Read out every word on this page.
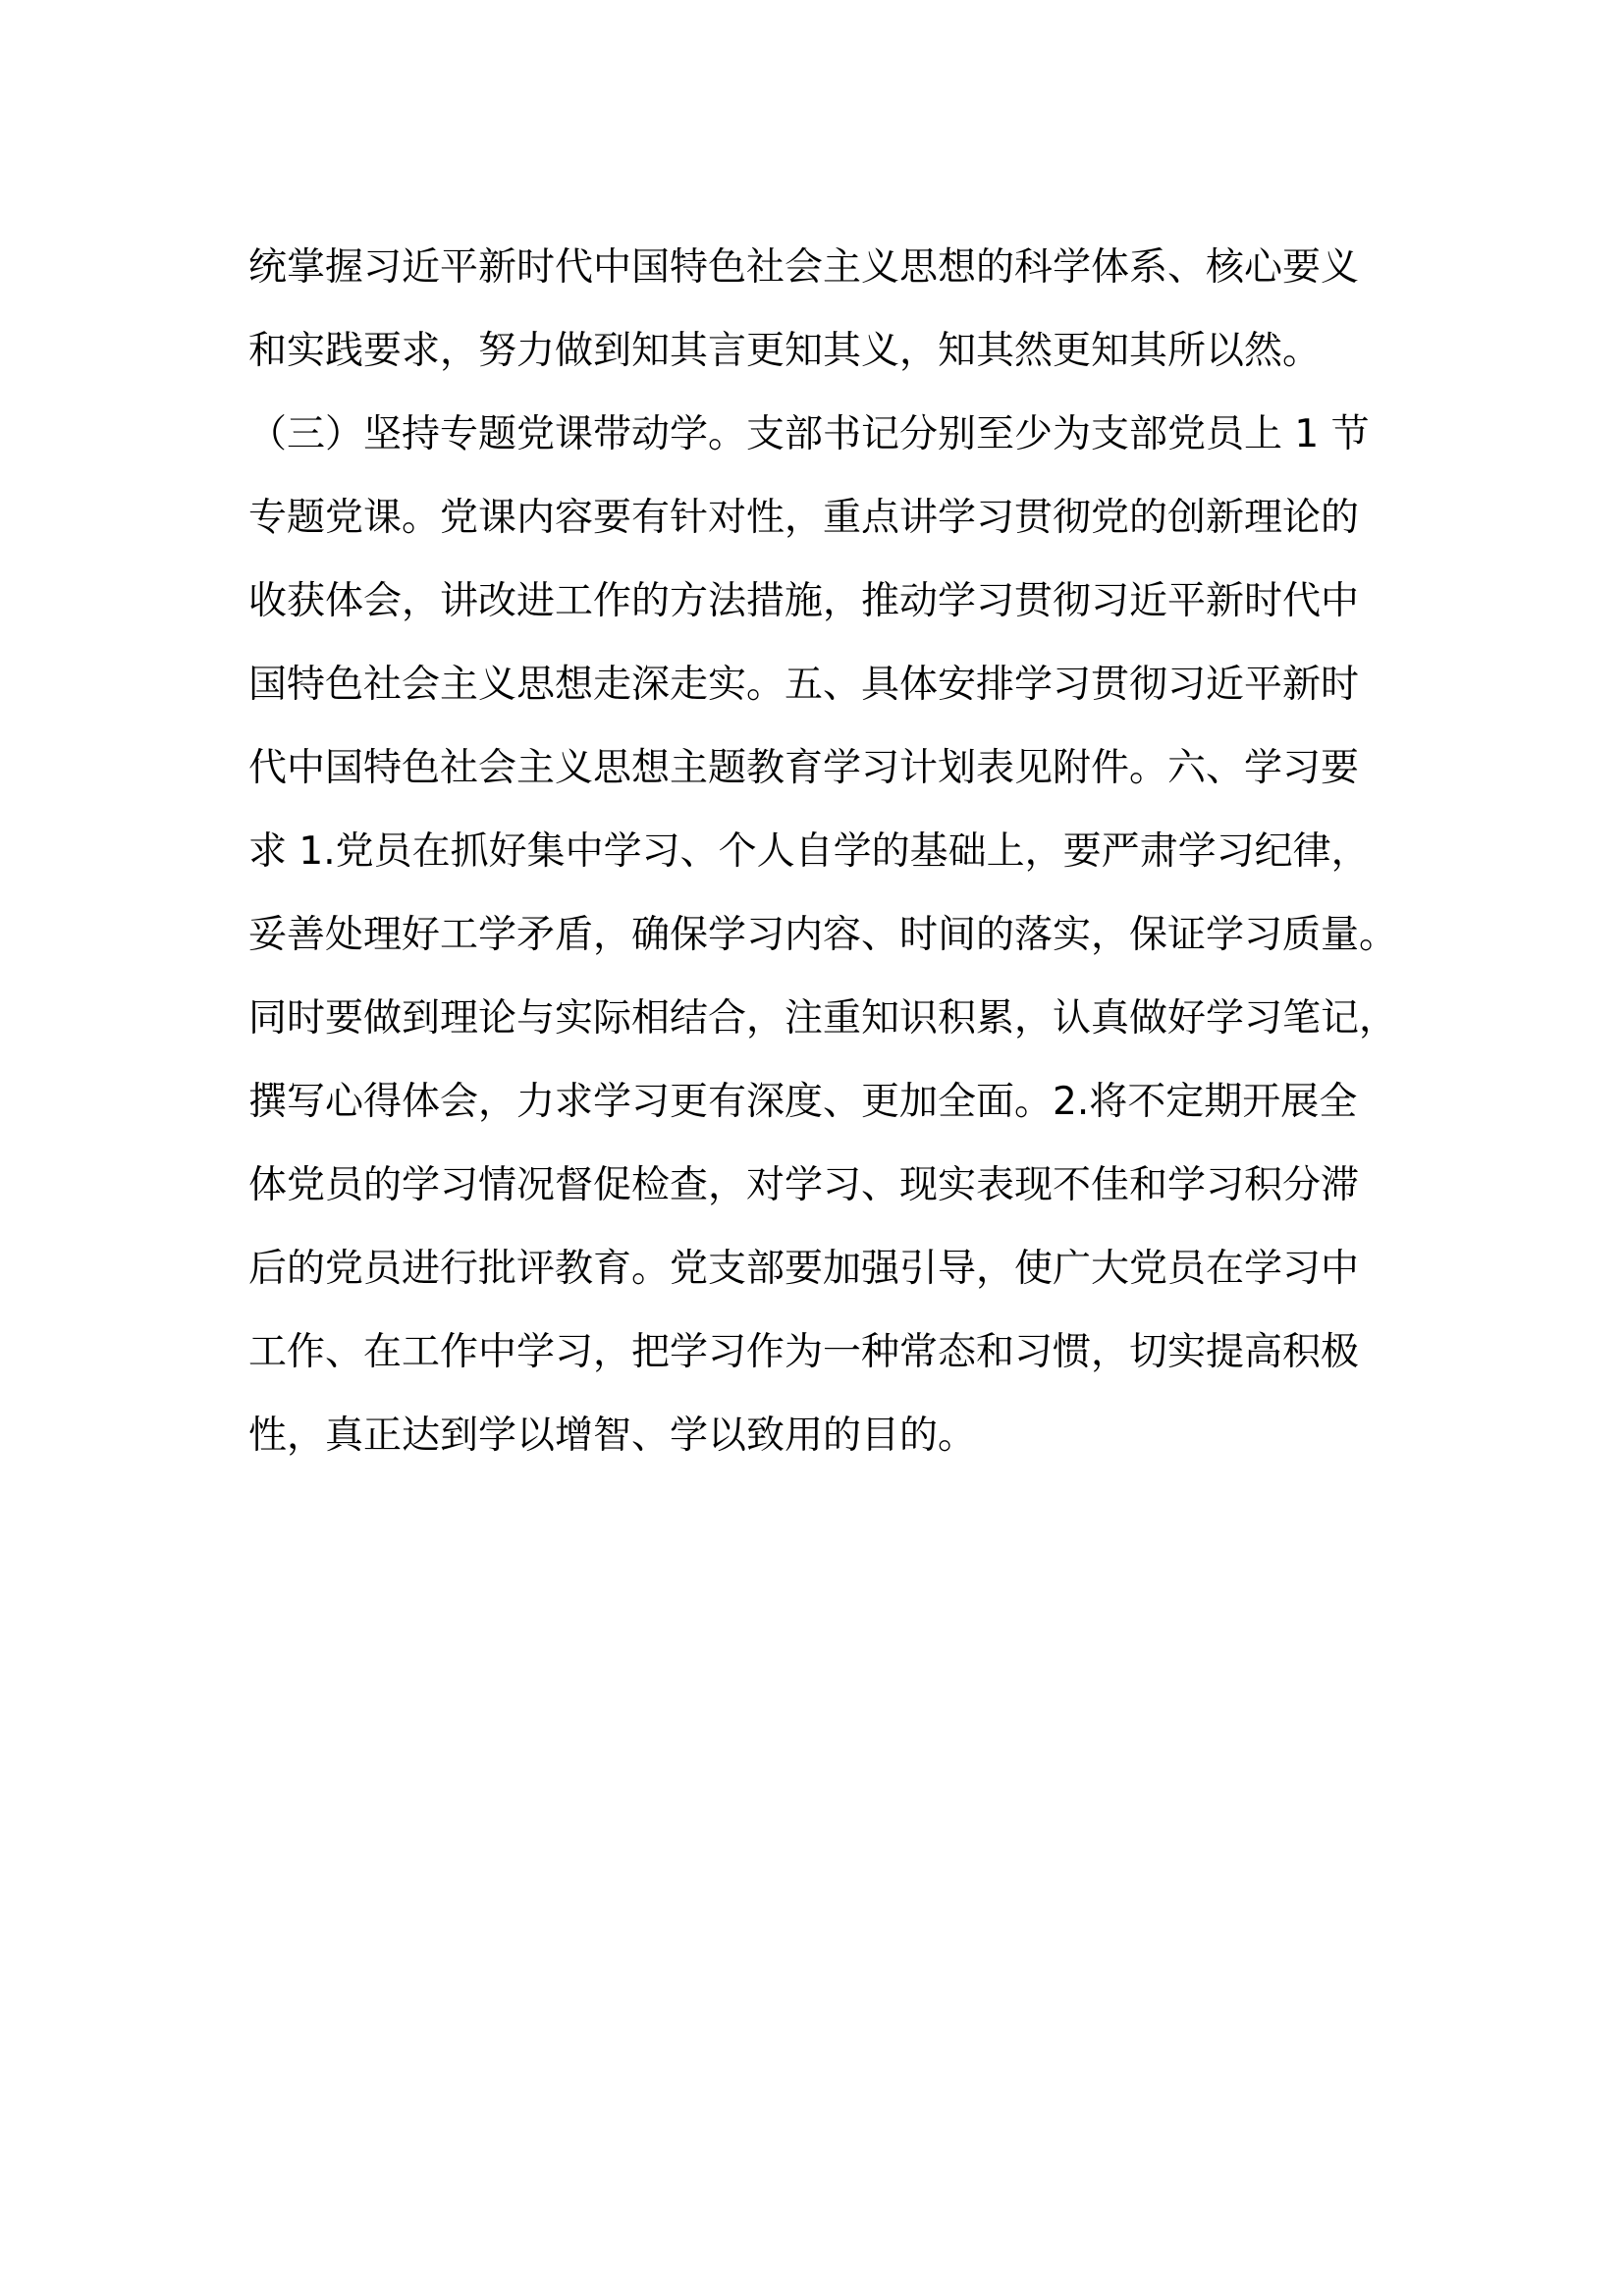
统掌握习近平新时代中国特色社会主义思想的科学体系、核心要义
和实践要求，努力做到知其言更知其义，知其然更知其所以然。
（三）坚持专题党课带动学。支部书记分别至少为支部党员上 1 节
专题党课。党课内容要有针对性，重点讲学习贯彻党的创新理论的
收获体会，讲改进工作的方法措施，推动学习贯彻习近平新时代中
国特色社会主义思想走深走实。五、具体安排学习贯彻习近平新时
代中国特色社会主义思想主题教育学习计划表见附件。六、学习要
求 1.党员在抓好集中学习、个人自学的基础上，要严肃学习纪律，
妥善处理好工学矛盾，确保学习内容、时间的落实，保证学习质量。
同时要做到理论与实际相结合，注重知识积累，认真做好学习笔记，
撰写心得体会，力求学习更有深度、更加全面。2.将不定期开展全
体党员的学习情况督促检查，对学习、现实表现不佳和学习积分滞
后的党员进行批评教育。党支部要加强引导，使广大党员在学习中
工作、在工作中学习，把学习作为一种常态和习惯，切实提高积极
性，真正达到学以增智、学以致用的目的。
